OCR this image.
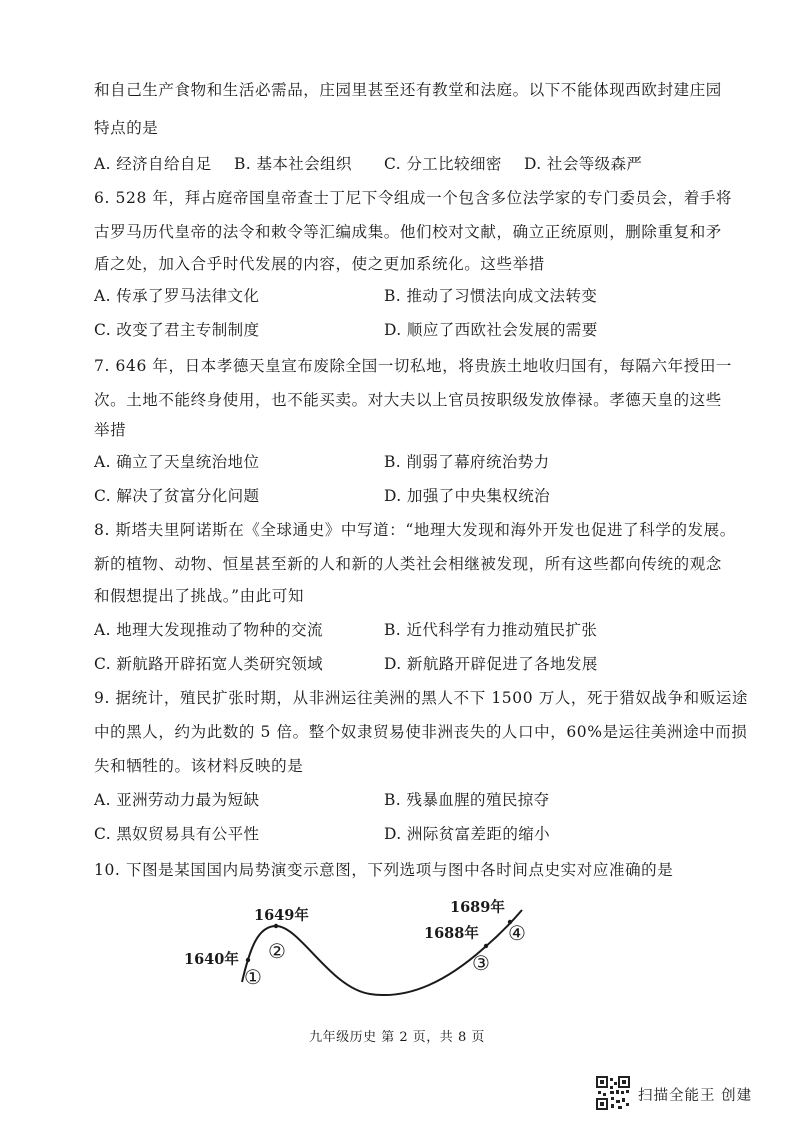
和自己生产食物和生活必需品，庄园里甚至还有教堂和法庭。以下不能体现西欧封建庄园
特点的是
A. 经济自给自足 B. 基本社会组织 C. 分工比较细密 D. 社会等级森严
6. 528 年，拜占庭帝国皇帝查士丁尼下令组成一个包含多位法学家的专门委员会，着手将
古罗马历代皇帝的法令和敕令等汇编成集。他们校对文献，确立正统原则，删除重复和矛
盾之处，加入合乎时代发展的内容，使之更加系统化。这些举措
A. 传承了罗马法律文化	B. 推动了习惯法向成文法转变
C. 改变了君主专制制度	D. 顺应了西欧社会发展的需要
7. 646 年，日本孝德天皇宣布废除全国一切私地，将贵族土地收归国有，每隔六年授田一
次。土地不能终身使用，也不能买卖。对大夫以上官员按职级发放俸禄。孝德天皇的这些
举措
A. 确立了天皇统治地位	B. 削弱了幕府统治势力
C. 解决了贫富分化问题	D. 加强了中央集权统治
8. 斯塔夫里阿诺斯在《全球通史》中写道：“地理大发现和海外开发也促进了科学的发展。
新的植物、动物、恒星甚至新的人和新的人类社会相继被发现，所有这些都向传统的观念
和假想提出了挑战。”由此可知
A. 地理大发现推动了物种的交流	B. 近代科学有力推动殖民扩张
C. 新航路开辟拓宽人类研究领域	D. 新航路开辟促进了各地发展
9. 据统计，殖民扩张时期，从非洲运往美洲的黑人不下 1500 万人，死于猎奴战争和贩运途
中的黑人，约为此数的 5 倍。整个奴隶贸易使非洲丧失的人口中，60%是运往美洲途中而损
失和牺牲的。该材料反映的是
A. 亚洲劳动力最为短缺	B. 残暴血腥的殖民掠夺
C. 黑奴贸易具有公平性	D. 洲际贫富差距的缩小
10. 下图是某国国内局势演变示意图，下列选项与图中各时间点史实对应准确的是
1640年
1649年
1688年
1689年
①
②	③
④
九年级历史 第 2 页，共 8 页
扫描全能王 创建
